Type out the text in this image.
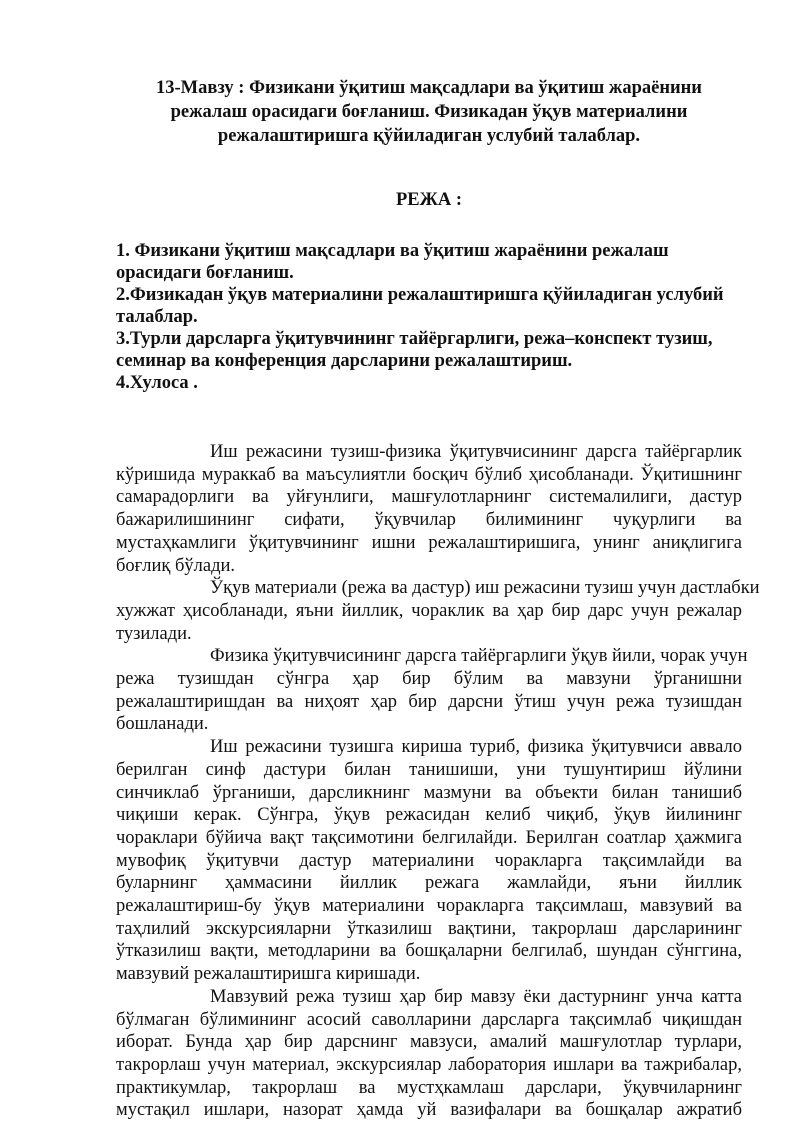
13-Мавзу : Физикани ўқитиш мақсадлари ва ўқитиш жараёнини
режалаш орасидаги боғланиш. Физикадан ўқув материалини
режалаштиришга қўйиладиган услубий талаблар.
РЕЖА :
1. Физикани ўқитиш мақсадлари ва ўқитиш жараёнини режалаш
орасидаги боғланиш.
2.Физикадан ўқув материалини режалаштиришга қўйиладиган услубий
талаблар.
3.Турли дарсларга ўқитувчининг тайёргарлиги, режа–конспект тузиш,
семинар ва конференция дарсларини режалаштириш.
4.Хулоса .

Иш режасини тузиш-физика ўқитувчисининг дарсга тайёргарлик
кўришида мураккаб ва маъсулиятли босқич бўлиб ҳисобланади. Ўқитишнинг
самарадорлиги ва уйғунлиги, машғулотларнинг системалилиги, дастур
бажарилишининг сифати, ўқувчилар билимининг чуқурлиги ва
мустаҳкамлиги ўқитувчининг ишни режалаштиришига, унинг аниқлигига
боғлиқ бўлади.

Ўқув материали (режа ва дастур) иш режасини тузиш учун дастлабки
хужжат ҳисобланади, яъни йиллик, чораклик ва ҳар бир дарс учун режалар
тузилади.

Физика ўқитувчисининг дарсга тайёргарлиги ўқув йили, чорак учун
режа тузишдан сўнгра ҳар бир бўлим ва мавзуни ўрганишни
режалаштиришдан ва ниҳоят ҳар бир дарсни ўтиш учун режа тузишдан
бошланади.

Иш режасини тузишга кириша туриб, физика ўқитувчиси аввало
берилган синф дастури билан танишиши, уни тушунтириш йўлини
синчиклаб ўрганиши, дарсликнинг мазмуни ва объекти билан танишиб
чиқиши керак. Сўнгра, ўқув режасидан келиб чиқиб, ўқув йилининг
чораклари бўйича вақт тақсимотини белгилайди. Берилган соатлар ҳажмига
мувофиқ ўқитувчи дастур материалини чоракларга тақсимлайди ва
буларнинг ҳаммасини йиллик режага жамлайди, яъни йиллик
режалаштириш-бу ўқув материалини чоракларга тақсимлаш, мавзувий ва
таҳлилий экскурсияларни ўтказилиш вақтини, такрорлаш дарсларининг
ўтказилиш вақти, методларини ва бошқаларни белгилаб, шундан сўнггина,
мавзувий режалаштиришга киришади.

Мавзувий режа тузиш ҳар бир мавзу ёки дастурнинг унча катта
бўлмаган бўлимининг асосий саволларини дарсларга тақсимлаб чиқишдан
иборат. Бунда ҳар бир дарснинг мавзуси, амалий машғулотлар турлари,
такрорлаш учун материал, экскурсиялар лаборатория ишлари ва тажрибалар,
практикумлар, такрорлаш ва мустҳкамлаш дарслари, ўқувчиларнинг
мустақил ишлари, назорат ҳамда уй вазифалари ва бошқалар ажратиб
